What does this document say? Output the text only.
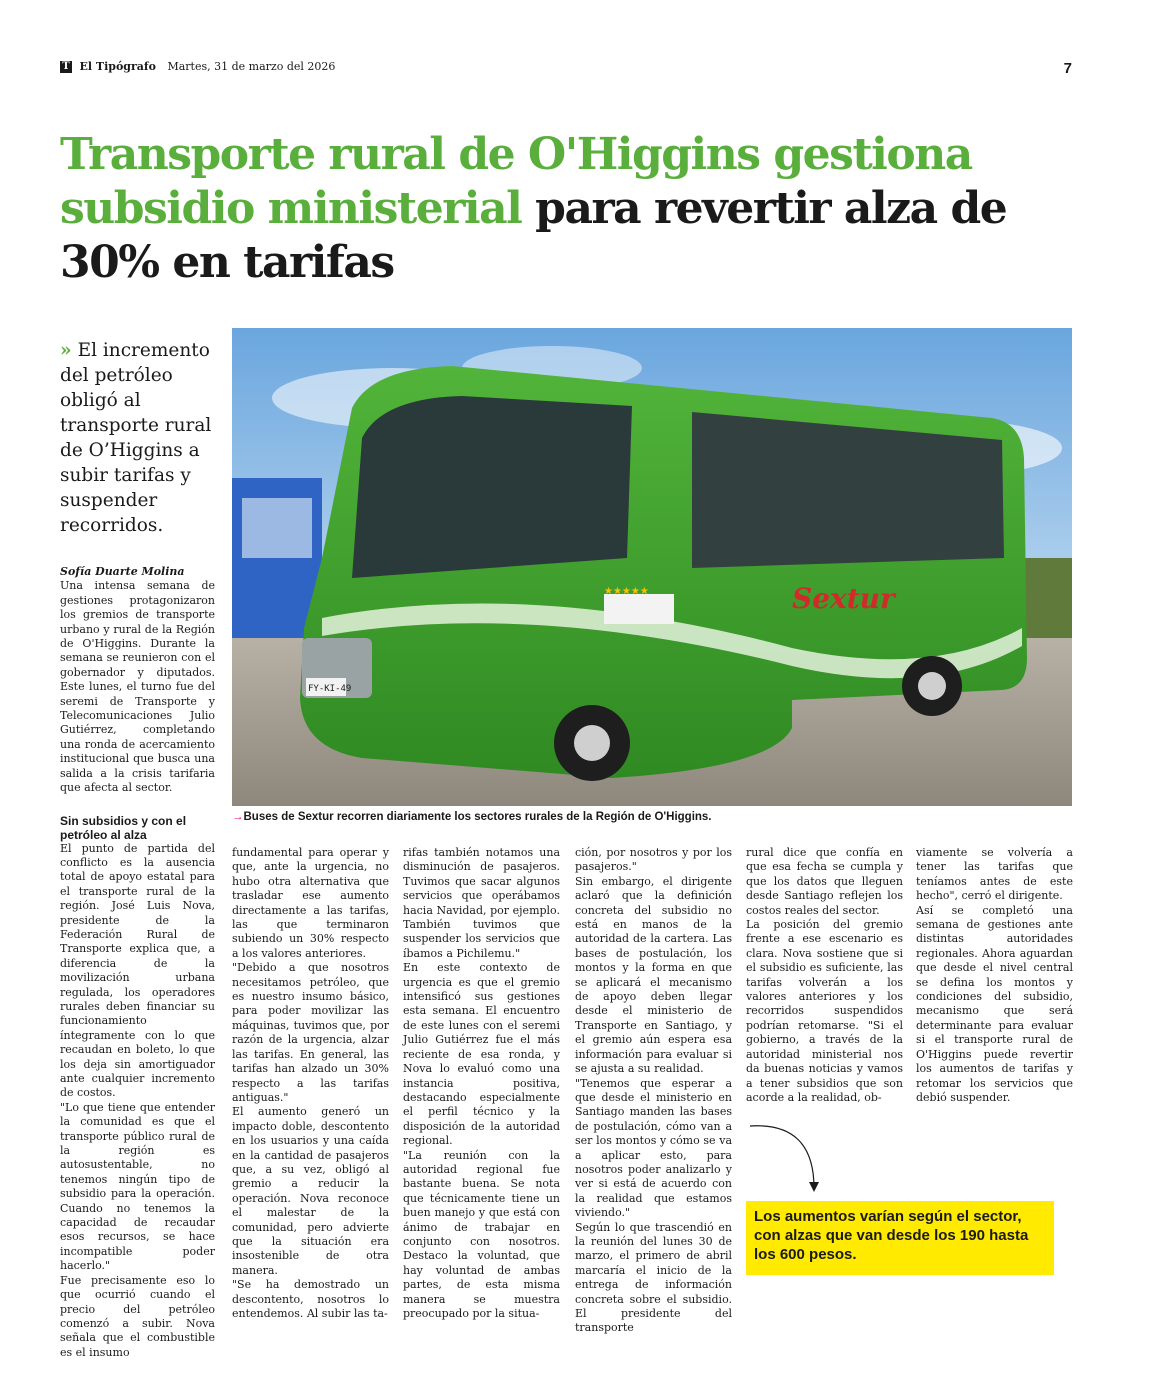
T El Tipógrafo Martes, 31 de marzo del 2026	7
Transporte rural de O'Higgins gestiona subsidio ministerial para revertir alza de 30% en tarifas
» El incremento del petróleo obligó al transporte rural de O’Higgins a subir tarifas y suspender recorridos.
FY-KI-49
Sextur
★★★★★
→Buses de Sextur recorren diariamente los sectores rurales de la Región de O'Higgins.

Sofía Duarte Molina

Una intensa semana de gestiones protagonizaron los gremios de transporte urbano y rural de la Región de O'Higgins. Durante la semana se reunieron con el gobernador y diputados. Este lunes, el turno fue del seremi de Transporte y Telecomunicaciones Julio Gutiérrez, completando una ronda de acercamiento institucional que busca una salida a la crisis tarifaria que afecta al sector.

Sin subsidios y con el petróleo al alza

El punto de partida del conflicto es la ausencia total de apoyo estatal para el transporte rural de la región. José Luis Nova, presidente de la Federación Rural de Transporte explica que, a diferencia de la movilización urbana regulada, los operadores rurales deben financiar su funcionamiento íntegramente con lo que recaudan en boleto, lo que los deja sin amortiguador ante cualquier incremento de costos.

"Lo que tiene que entender la comunidad es que el transporte público rural de la región es autosustentable, no tenemos ningún tipo de subsidio para la operación. Cuando no tenemos la capacidad de recaudar esos recursos, se hace incompatible poder hacerlo."

Fue precisamente eso lo que ocurrió cuando el precio del petróleo comenzó a subir. Nova señala que el combustible es el insumo

fundamental para operar y que, ante la urgencia, no hubo otra alternativa que trasladar ese aumento directamente a las tarifas, las que terminaron subiendo un 30% respecto a los valores anteriores.

"Debido a que nosotros necesitamos petróleo, que es nuestro insumo básico, para poder movilizar las máquinas, tuvimos que, por razón de la urgencia, alzar las tarifas. En general, las tarifas han alzado un 30% respecto a las tarifas antiguas."

El aumento generó un impacto doble, descontento en los usuarios y una caída en la cantidad de pasajeros que, a su vez, obligó al gremio a reducir la operación. Nova reconoce el malestar de la comunidad, pero advierte que la situación era insostenible de otra manera.

"Se ha demostrado un descontento, nosotros lo entendemos. Al subir las ta-

rifas también notamos una disminución de pasajeros. Tuvimos que sacar algunos servicios que operábamos hacia Navidad, por ejemplo. También tuvimos que suspender los servicios que íbamos a Pichilemu."

En este contexto de urgencia es que el gremio intensificó sus gestiones esta semana. El encuentro de este lunes con el seremi Julio Gutiérrez fue el más reciente de esa ronda, y Nova lo evaluó como una instancia positiva, destacando especialmente el perfil técnico y la disposición de la autoridad regional.

"La reunión con la autoridad regional fue bastante buena. Se nota que técnicamente tiene un buen manejo y que está con ánimo de trabajar en conjunto con nosotros. Destaco la voluntad, que hay voluntad de ambas partes, de esta misma manera se muestra preocupado por la situa-

ción, por nosotros y por los pasajeros."

Sin embargo, el dirigente aclaró que la definición concreta del subsidio no está en manos de la autoridad de la cartera. Las bases de postulación, los montos y la forma en que se aplicará el mecanismo de apoyo deben llegar desde el ministerio de Transporte en Santiago, y el gremio aún espera esa información para evaluar si se ajusta a su realidad.

"Tenemos que esperar a que desde el ministerio en Santiago manden las bases de postulación, cómo van a ser los montos y cómo se va a aplicar esto, para nosotros poder analizarlo y ver si está de acuerdo con la realidad que estamos viviendo."

Según lo que trascendió en la reunión del lunes 30 de marzo, el primero de abril marcaría el inicio de la entrega de información concreta sobre el subsidio. El presidente del transporte

rural dice que confía en que esa fecha se cumpla y que los datos que lleguen desde Santiago reflejen los costos reales del sector.

La posición del gremio frente a ese escenario es clara. Nova sostiene que si el subsidio es suficiente, las tarifas volverán a los valores anteriores y los recorridos suspendidos podrían retomarse. "Si el gobierno, a través de la autoridad ministerial nos da buenas noticias y vamos a tener subsidios que son acorde a la realidad, ob-

viamente se volvería a tener las tarifas que teníamos antes de este hecho", cerró el dirigente.

Así se completó una semana de gestiones ante distintas autoridades regionales. Ahora aguardan que desde el nivel central se defina los montos y condiciones del subsidio, mecanismo que será determinante para evaluar si el transporte rural de O'Higgins puede revertir los aumentos de tarifas y retomar los servicios que debió suspender.

Los aumentos varían según el sector, con alzas que van desde los 190 hasta los 600 pesos.
